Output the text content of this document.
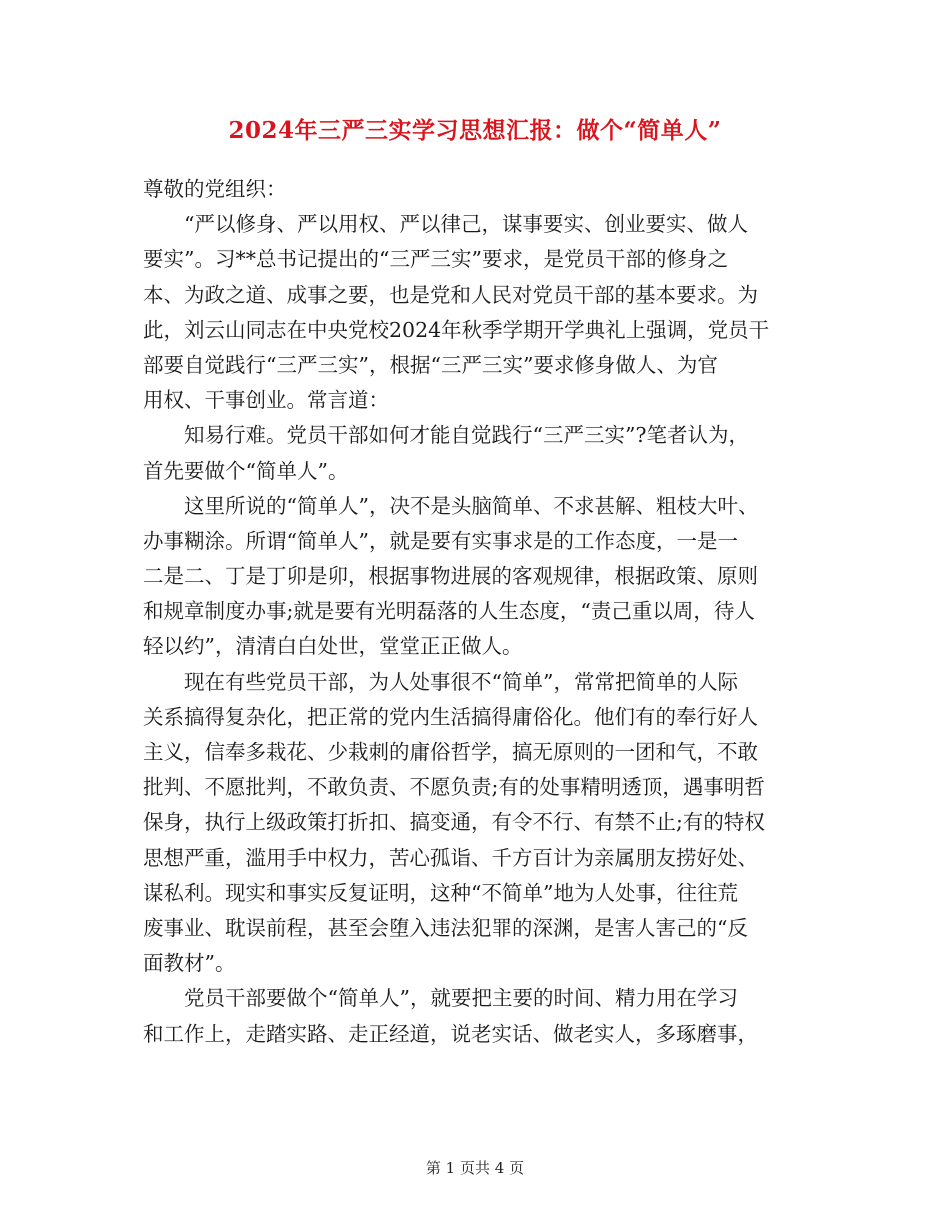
2024年三严三实学习思想汇报：做个“简单人”
尊敬的党组织：
“严以修身、严以用权、严以律己，谋事要实、创业要实、做人
要实”。习**总书记提出的“三严三实”要求，是党员干部的修身之
本、为政之道、成事之要，也是党和人民对党员干部的基本要求。为
此，刘云山同志在中央党校2024年秋季学期开学典礼上强调，党员干
部要自觉践行“三严三实”，根据“三严三实”要求修身做人、为官
用权、干事创业。常言道：
知易行难。党员干部如何才能自觉践行“三严三实”?笔者认为，
首先要做个“简单人”。
这里所说的“简单人”，决不是头脑简单、不求甚解、粗枝大叶、
办事糊涂。所谓“简单人”，就是要有实事求是的工作态度，一是一
二是二、丁是丁卯是卯，根据事物进展的客观规律，根据政策、原则
和规章制度办事;就是要有光明磊落的人生态度，“责己重以周，待人
轻以约”，清清白白处世，堂堂正正做人。
现在有些党员干部，为人处事很不“简单”，常常把简单的人际
关系搞得复杂化，把正常的党内生活搞得庸俗化。他们有的奉行好人
主义，信奉多栽花、少栽刺的庸俗哲学，搞无原则的一团和气，不敢
批判、不愿批判，不敢负责、不愿负责;有的处事精明透顶，遇事明哲
保身，执行上级政策打折扣、搞变通，有令不行、有禁不止;有的特权
思想严重，滥用手中权力，苦心孤诣、千方百计为亲属朋友捞好处、
谋私利。现实和事实反复证明，这种“不简单”地为人处事，往往荒
废事业、耽误前程，甚至会堕入违法犯罪的深渊，是害人害己的“反
面教材”。
党员干部要做个“简单人”，就要把主要的时间、精力用在学习
和工作上，走踏实路、走正经道，说老实话、做老实人，多琢磨事，
第 1 页共 4 页
